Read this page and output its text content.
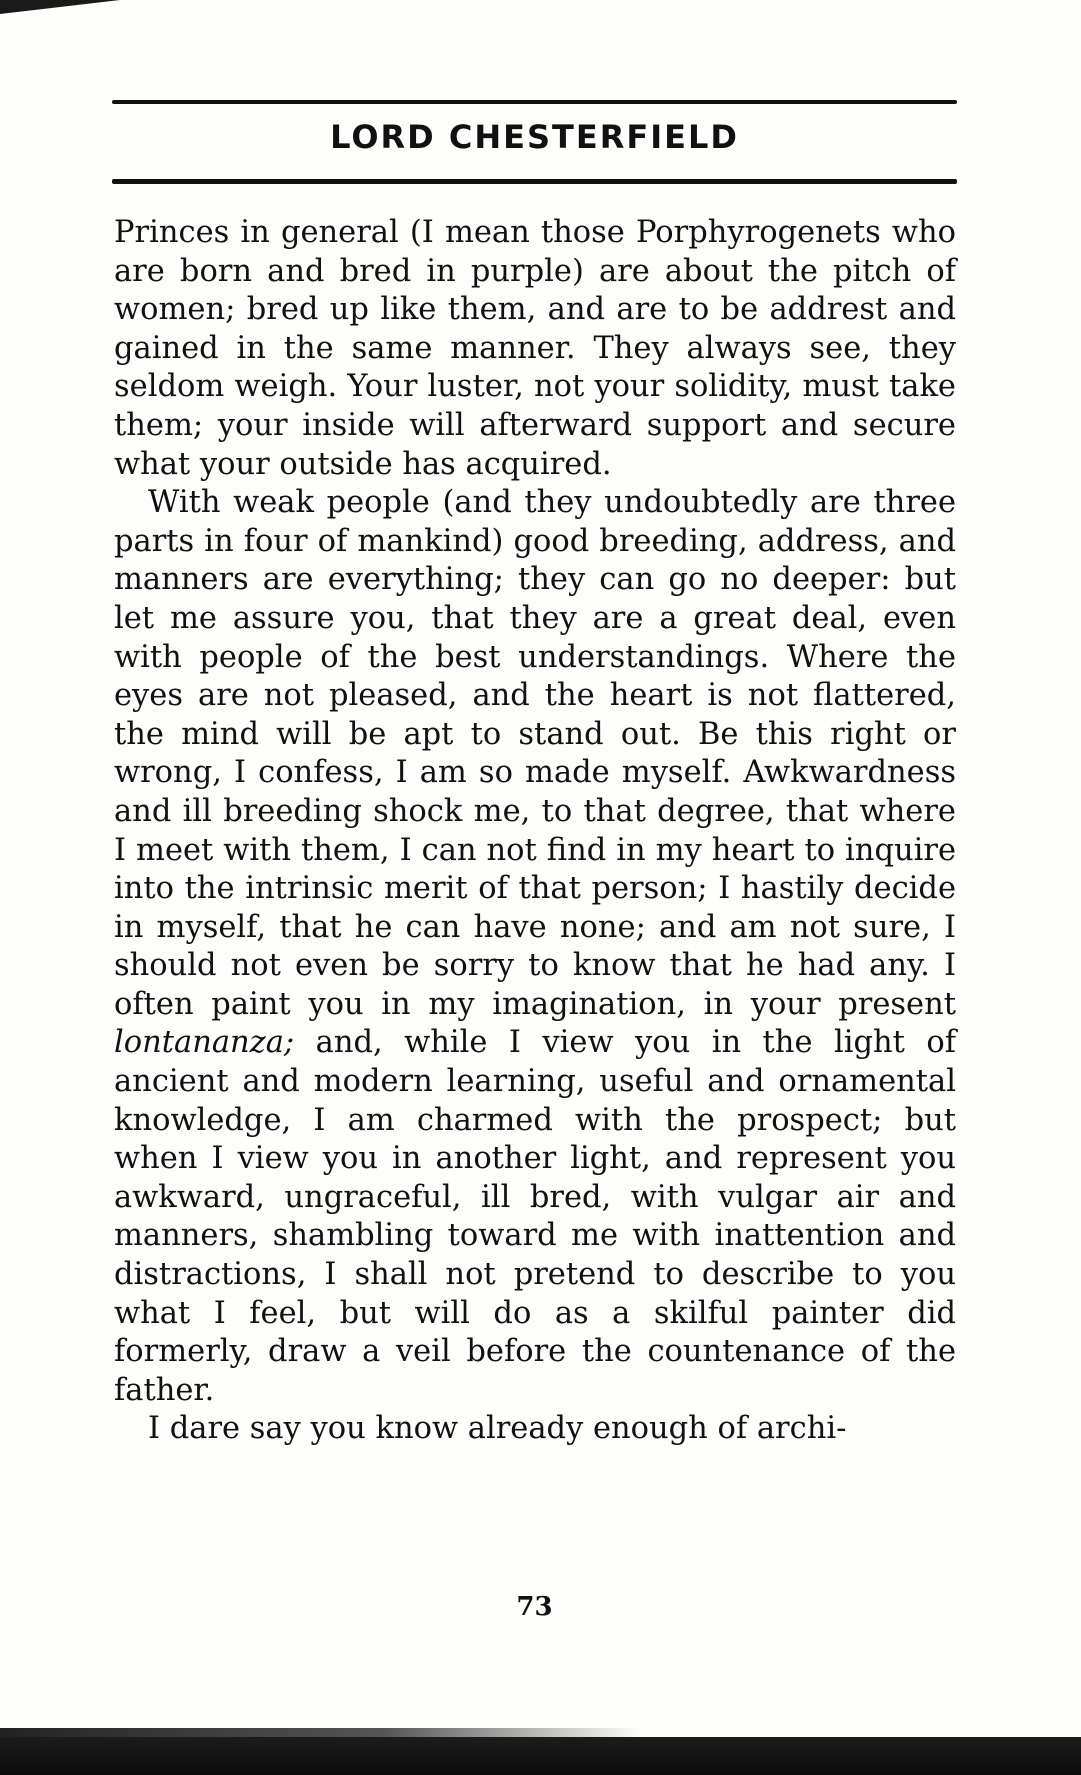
LORD CHESTERFIELD

Princes in general (I mean those Porphyrogenets who are born and bred in purple) are about the pitch of women; bred up like them, and are to be addrest and gained in the same manner. They always see, they seldom weigh. Your luster, not your solidity, must take them; your inside will afterward support and secure what your outside has acquired.

With weak people (and they undoubtedly are three parts in four of mankind) good breeding, address, and manners are everything; they can go no deeper: but let me assure you, that they are a great deal, even with people of the best understandings. Where the eyes are not pleased, and the heart is not flattered, the mind will be apt to stand out. Be this right or wrong, I confess, I am so made myself. Awkwardness and ill breeding shock me, to that degree, that where I meet with them, I can not find in my heart to inquire into the intrinsic merit of that person; I hastily decide in myself, that he can have none; and am not sure, I should not even be sorry to know that he had any. I often paint you in my imagination, in your present lontananza; and, while I view you in the light of ancient and modern learning, useful and ornamental knowledge, I am charmed with the prospect; but when I view you in another light, and represent you awkward, ungraceful, ill bred, with vulgar air and manners, shambling toward me with inattention and distractions, I shall not pretend to describe to you what I feel, but will do as a skilful painter did formerly, draw a veil before the countenance of the father.

I dare say you know already enough of archi-

73
